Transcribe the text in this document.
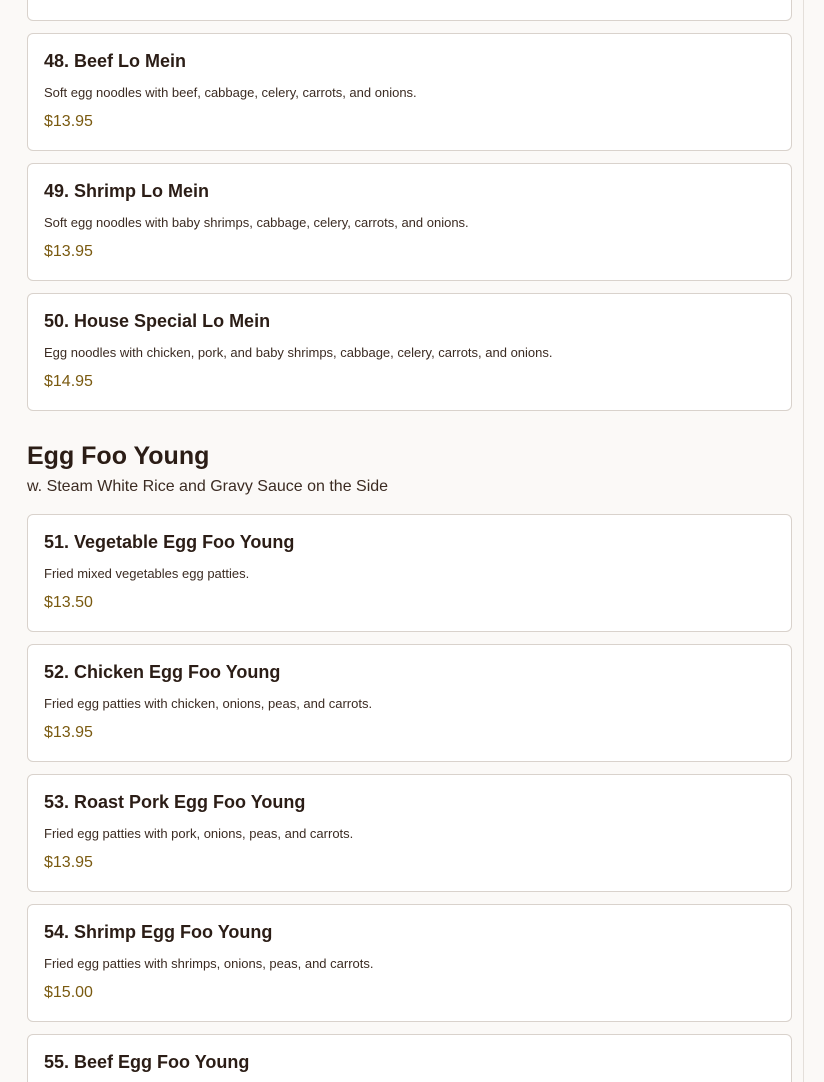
48. Beef Lo Mein
Soft egg noodles with beef, cabbage, celery, carrots, and onions.
$13.95
49. Shrimp Lo Mein
Soft egg noodles with baby shrimps, cabbage, celery, carrots, and onions.
$13.95
50. House Special Lo Mein
Egg noodles with chicken, pork, and baby shrimps, cabbage, celery, carrots, and onions.
$14.95
Egg Foo Young
w. Steam White Rice and Gravy Sauce on the Side
51. Vegetable Egg Foo Young
Fried mixed vegetables egg patties.
$13.50
52. Chicken Egg Foo Young
Fried egg patties with chicken, onions, peas, and carrots.
$13.95
53. Roast Pork Egg Foo Young
Fried egg patties with pork, onions, peas, and carrots.
$13.95
54. Shrimp Egg Foo Young
Fried egg patties with shrimps, onions, peas, and carrots.
$15.00
55. Beef Egg Foo Young
